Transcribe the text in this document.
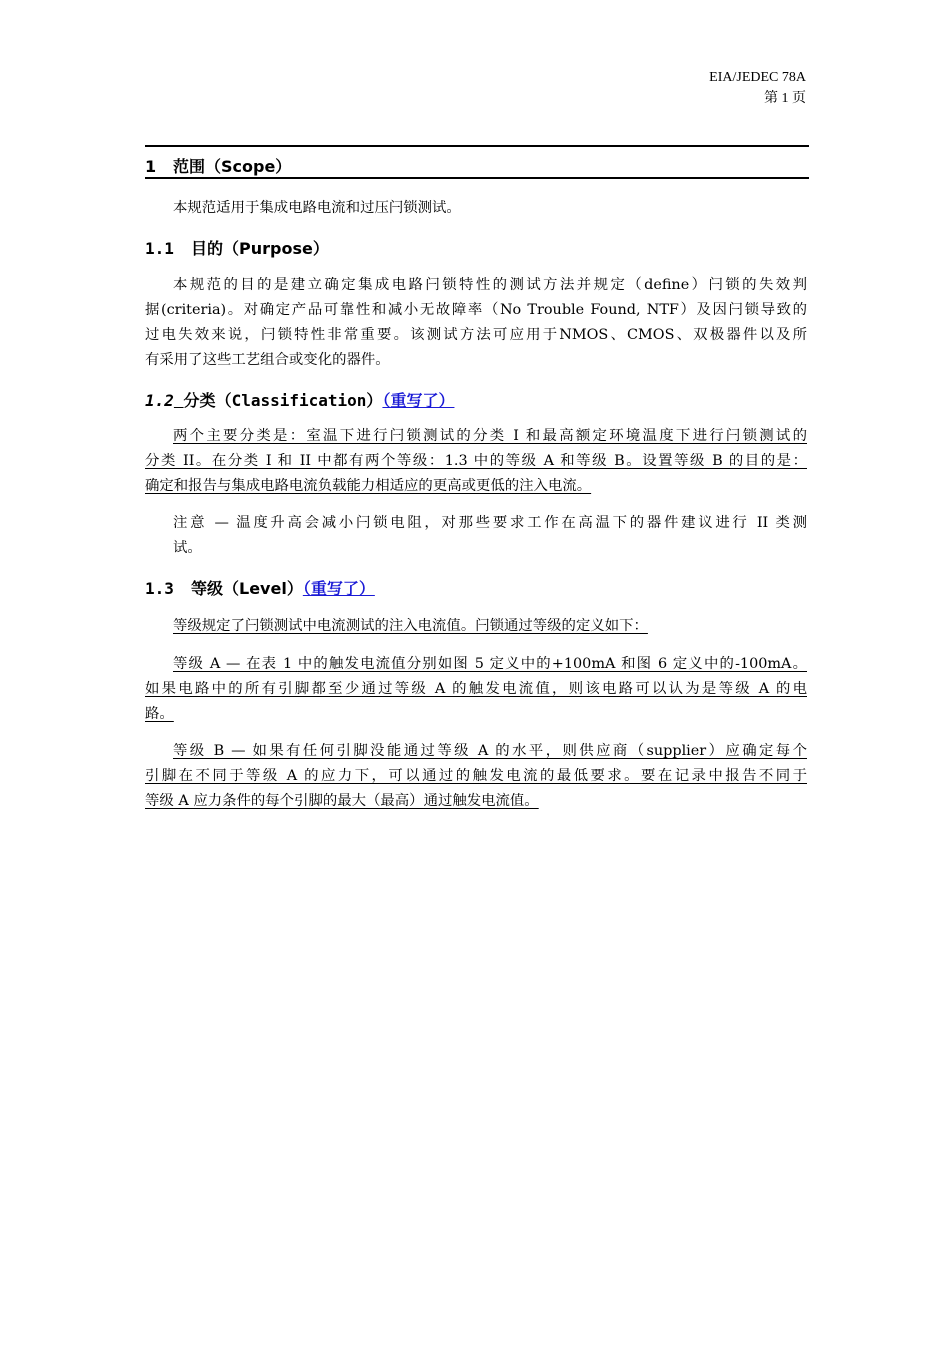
EIA/JEDEC 78A
第 1 页
1 范围（Scope）
本规范适用于集成电路电流和过压闩锁测试。
1.1 目的（Purpose）
本规范的目的是建立确定集成电路闩锁特性的测试方法并规定（define）闩锁的失效判
据(criteria)。对确定产品可靠性和减小无故障率（No Trouble Found, NTF）及因闩锁导致的
过电失效来说，闩锁特性非常重要。该测试方法可应用于NMOS、CMOS、双极器件以及所
有采用了这些工艺组合或变化的器件。
1.2 分类（Classification）（重写了）
两个主要分类是：室温下进行闩锁测试的分类 I 和最高额定环境温度下进行闩锁测试的
分类 II。在分类 I 和 II 中都有两个等级：1.3 中的等级 A 和等级 B。设置等级 B 的目的是：
确定和报告与集成电路电流负载能力相适应的更高或更低的注入电流。
注意 — 温度升高会减小闩锁电阻，对那些要求工作在高温下的器件建议进行 II 类测
试。
1.3 等级（Level）（重写了）
等级规定了闩锁测试中电流测试的注入电流值。闩锁通过等级的定义如下：
等级 A — 在表 1 中的触发电流值分别如图 5 定义中的+100mA 和图 6 定义中的-100mA。
如果电路中的所有引脚都至少通过等级 A 的触发电流值，则该电路可以认为是等级 A 的电
路。
等级 B — 如果有任何引脚没能通过等级 A 的水平，则供应商（supplier）应确定每个
引脚在不同于等级 A 的应力下，可以通过的触发电流的最低要求。要在记录中报告不同于
等级 A 应力条件的每个引脚的最大（最高）通过触发电流值。
